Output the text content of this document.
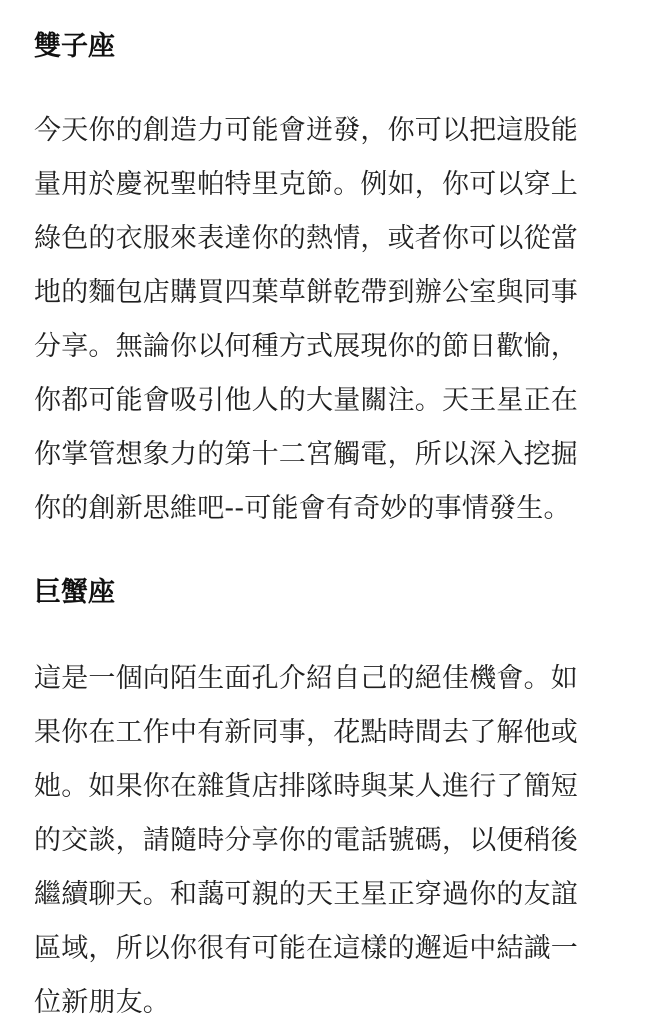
雙子座

今天你的創造力可能會迸發，你可以把這股能
量用於慶祝聖帕特里克節。例如，你可以穿上
綠色的衣服來表達你的熱情，或者你可以從當
地的麵包店購買四葉草餅乾帶到辦公室與同事
分享。無論你以何種方式展現你的節日歡愉，
你都可能會吸引他人的大量關注。天王星正在
你掌管想象力的第十二宮觸電，所以深入挖掘
你的創新思維吧--可能會有奇妙的事情發生。

巨蟹座

這是一個向陌生面孔介紹自己的絕佳機會。如
果你在工作中有新同事，花點時間去了解他或
她。如果你在雜貨店排隊時與某人進行了簡短
的交談，請隨時分享你的電話號碼，以便稍後
繼續聊天。和藹可親的天王星正穿過你的友誼
區域，所以你很有可能在這樣的邂逅中結識一
位新朋友。
